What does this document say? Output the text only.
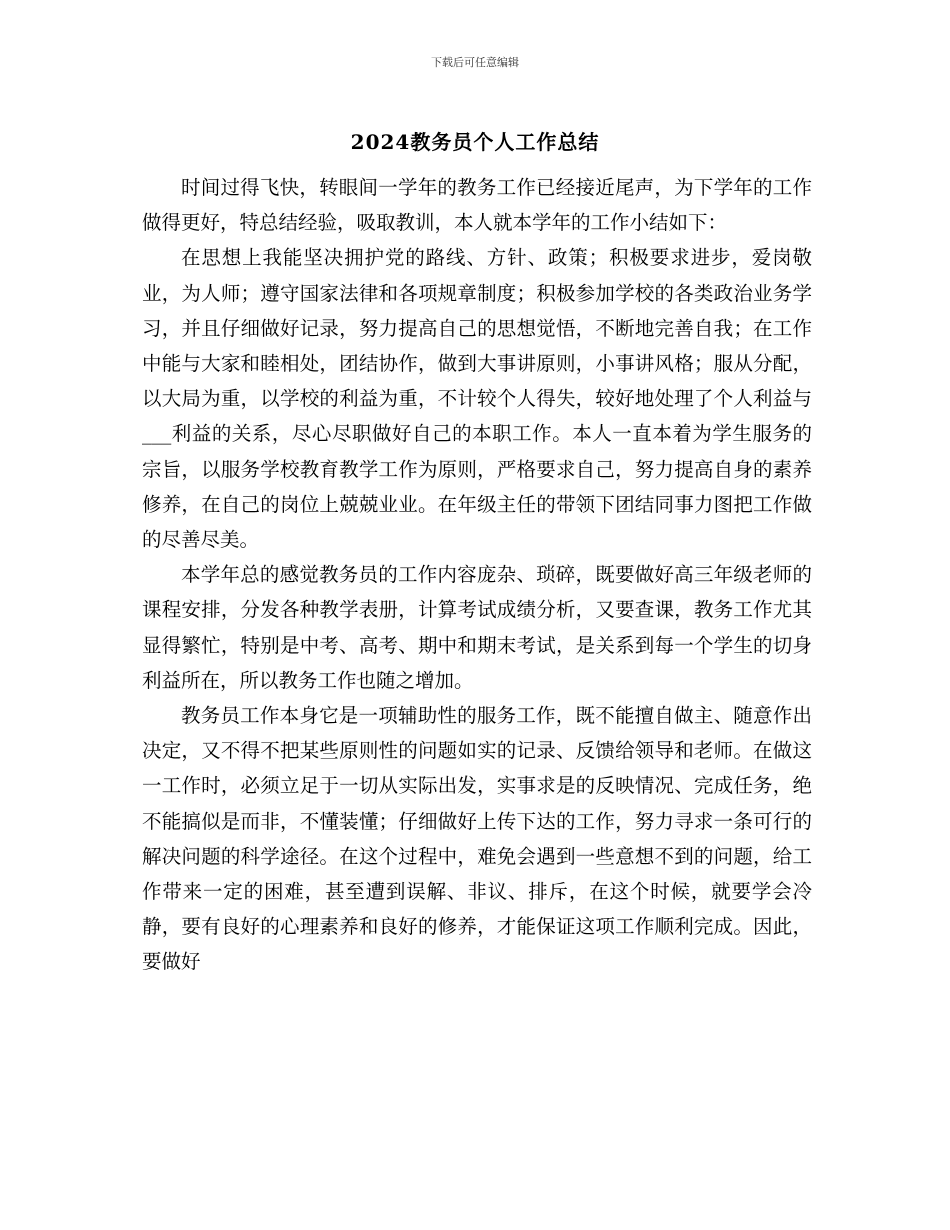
下载后可任意编辑
2024教务员个人工作总结

时间过得飞快，转眼间一学年的教务工作已经接近尾声，为下学年的工作做得更好，特总结经验，吸取教训，本人就本学年的工作小结如下：

在思想上我能坚决拥护党的路线、方针、政策；积极要求进步，爱岗敬业，为人师；遵守国家法律和各项规章制度；积极参加学校的各类政治业务学习，并且仔细做好记录，努力提高自己的思想觉悟，不断地完善自我；在工作中能与大家和睦相处，团结协作，做到大事讲原则，小事讲风格；服从分配，以大局为重，以学校的利益为重，不计较个人得失，较好地处理了个人利益与___利益的关系，尽心尽职做好自己的本职工作。本人一直本着为学生服务的宗旨，以服务学校教育教学工作为原则，严格要求自己，努力提高自身的素养修养，在自己的岗位上兢兢业业。在年级主任的带领下团结同事力图把工作做的尽善尽美。

本学年总的感觉教务员的工作内容庞杂、琐碎，既要做好高三年级老师的课程安排，分发各种教学表册，计算考试成绩分析，又要查课，教务工作尤其显得繁忙，特别是中考、高考、期中和期末考试，是关系到每一个学生的切身利益所在，所以教务工作也随之增加。

教务员工作本身它是一项辅助性的服务工作，既不能擅自做主、随意作出决定，又不得不把某些原则性的问题如实的记录、反馈给领导和老师。在做这一工作时，必须立足于一切从实际出发，实事求是的反映情况、完成任务，绝不能搞似是而非，不懂装懂；仔细做好上传下达的工作，努力寻求一条可行的解决问题的科学途径。在这个过程中，难免会遇到一些意想不到的问题，给工作带来一定的困难，甚至遭到误解、非议、排斥，在这个时候，就要学会冷静，要有良好的心理素养和良好的修养，才能保证这项工作顺利完成。因此，要做好
